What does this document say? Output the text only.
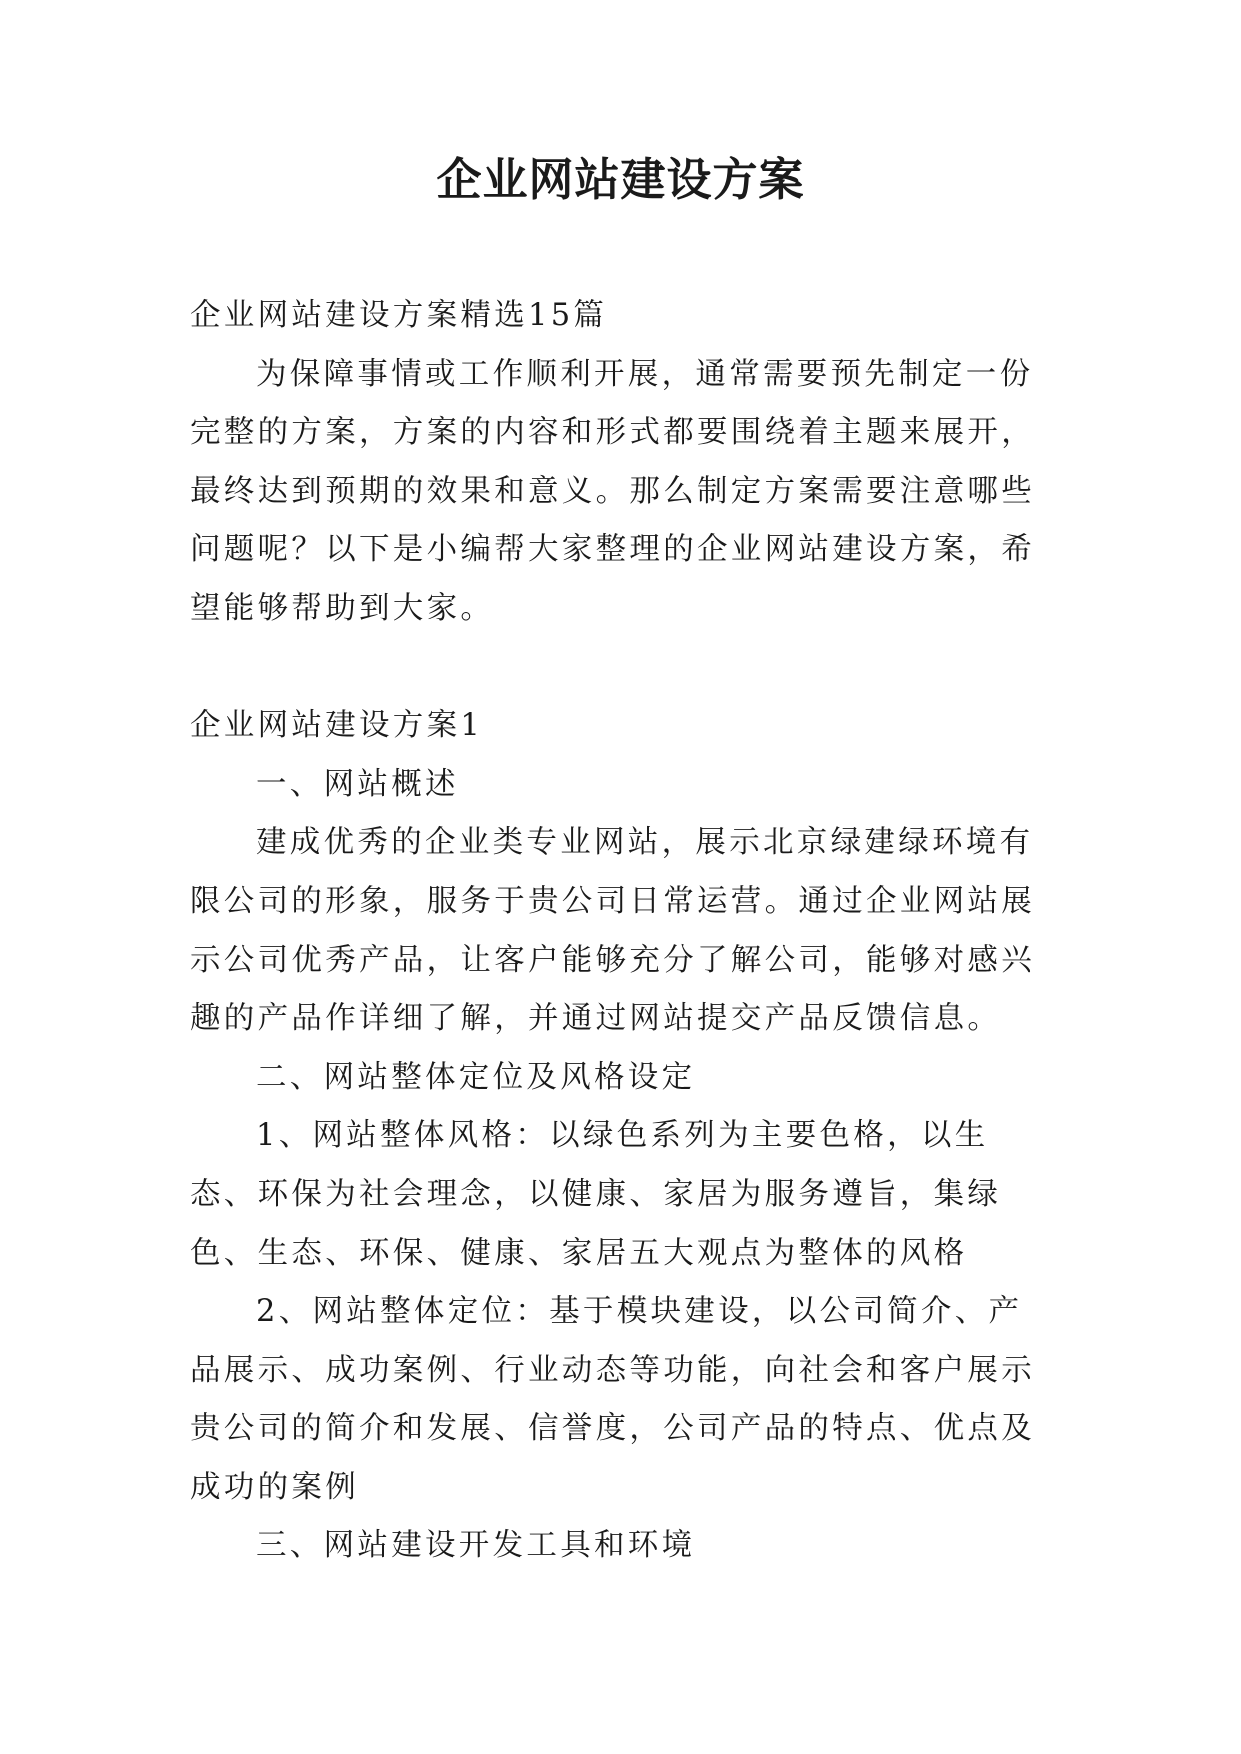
企业网站建设方案

企业网站建设方案精选15篇

为保障事情或工作顺利开展，通常需要预先制定一份完整的方案，方案的内容和形式都要围绕着主题来展开，最终达到预期的效果和意义。那么制定方案需要注意哪些问题呢？以下是小编帮大家整理的企业网站建设方案，希望能够帮助到大家。

企业网站建设方案1

一、网站概述

建成优秀的企业类专业网站，展示北京绿建绿环境有限公司的形象，服务于贵公司日常运营。通过企业网站展示公司优秀产品，让客户能够充分了解公司，能够对感兴趣的产品作详细了解，并通过网站提交产品反馈信息。

二、网站整体定位及风格设定

1、网站整体风格：以绿色系列为主要色格，以生态、环保为社会理念，以健康、家居为服务遵旨，集绿色、生态、环保、健康、家居五大观点为整体的风格

2、网站整体定位：基于模块建设，以公司简介、产品展示、成功案例、行业动态等功能，向社会和客户展示贵公司的简介和发展、信誉度，公司产品的特点、优点及成功的案例

三、网站建设开发工具和环境
